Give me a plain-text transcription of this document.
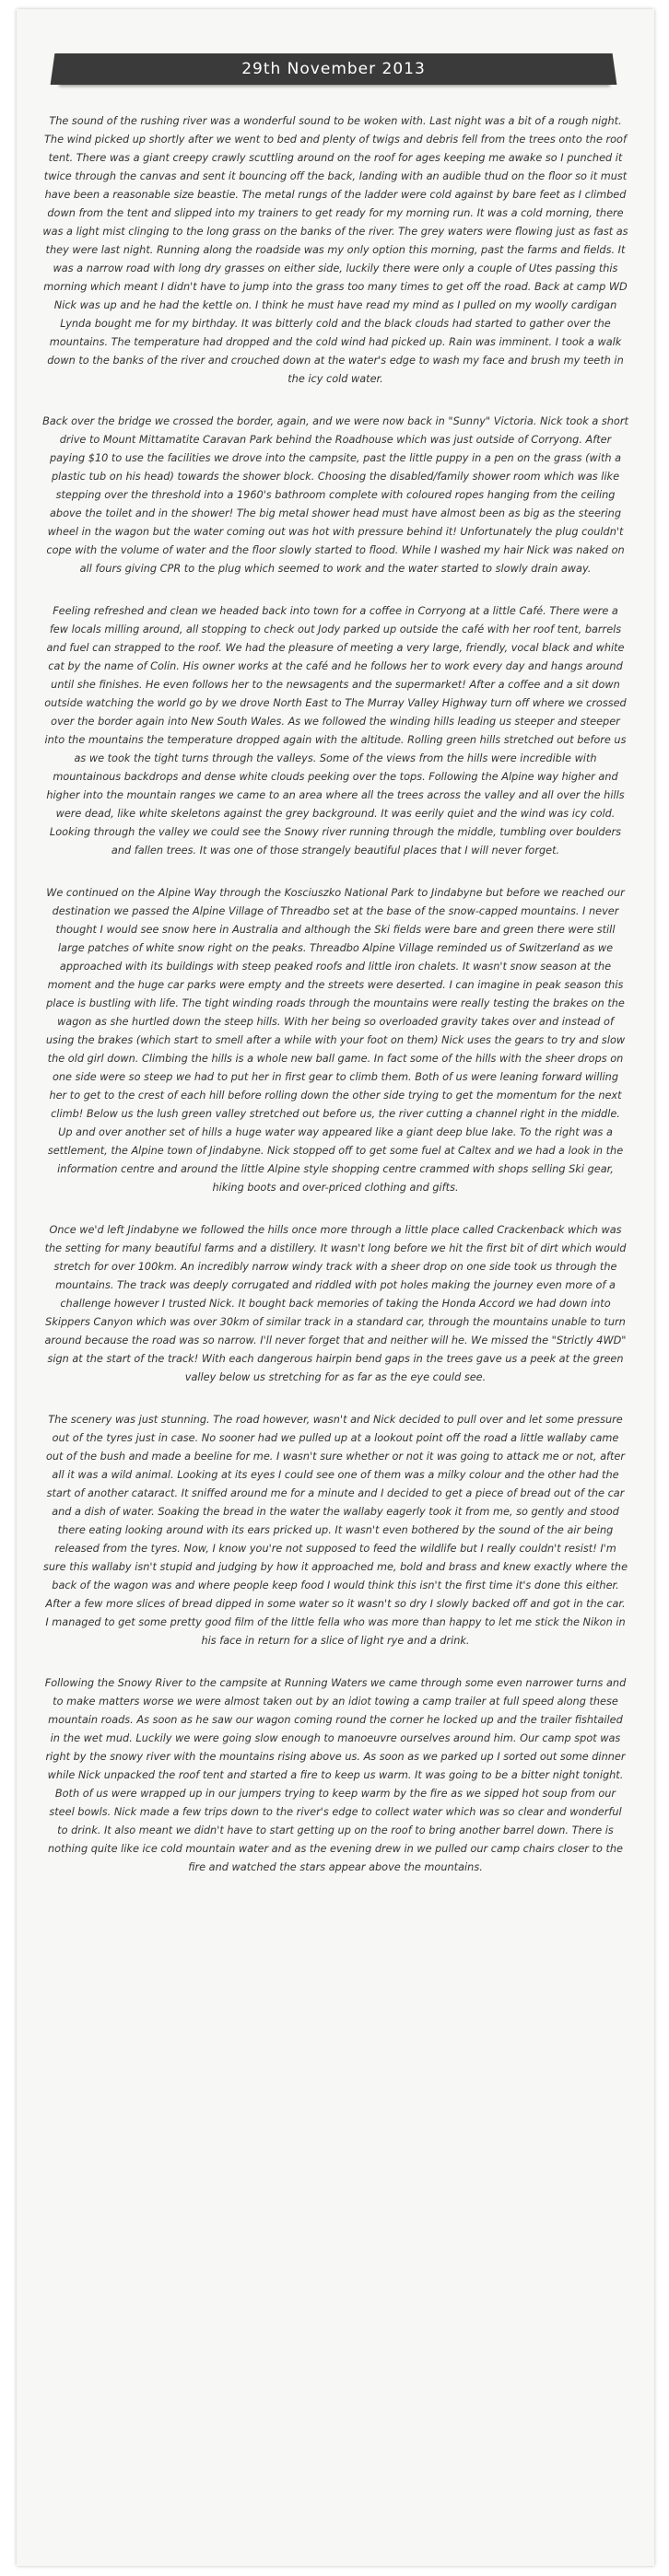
29th November 2013

The sound of the rushing river was a wonderful sound to be woken with. Last night was a bit of a rough night. The wind picked up shortly after we went to bed and plenty of twigs and debris fell from the trees onto the roof tent. There was a giant creepy crawly scuttling around on the roof for ages keeping me awake so I punched it twice through the canvas and sent it bouncing off the back, landing with an audible thud on the floor so it must have been a reasonable size beastie. The metal rungs of the ladder were cold against by bare feet as I climbed down from the tent and slipped into my trainers to get ready for my morning run. It was a cold morning, there was a light mist clinging to the long grass on the banks of the river. The grey waters were flowing just as fast as they were last night. Running along the roadside was my only option this morning, past the farms and fields. It was a narrow road with long dry grasses on either side, luckily there were only a couple of Utes passing this morning which meant I didn't have to jump into the grass too many times to get off the road. Back at camp WD Nick was up and he had the kettle on. I think he must have read my mind as I pulled on my woolly cardigan Lynda bought me for my birthday. It was bitterly cold and the black clouds had started to gather over the mountains. The temperature had dropped and the cold wind had picked up. Rain was imminent. I took a walk down to the banks of the river and crouched down at the water's edge to wash my face and brush my teeth in the icy cold water.

Back over the bridge we crossed the border, again, and we were now back in "Sunny" Victoria. Nick took a short drive to Mount Mittamatite Caravan Park behind the Roadhouse which was just outside of Corryong. After paying $10 to use the facilities we drove into the campsite, past the little puppy in a pen on the grass (with a plastic tub on his head) towards the shower block. Choosing the disabled/family shower room which was like stepping over the threshold into a 1960's bathroom complete with coloured ropes hanging from the ceiling above the toilet and in the shower! The big metal shower head must have almost been as big as the steering wheel in the wagon but the water coming out was hot with pressure behind it! Unfortunately the plug couldn't cope with the volume of water and the floor slowly started to flood. While I washed my hair Nick was naked on all fours giving CPR to the plug which seemed to work and the water started to slowly drain away.

Feeling refreshed and clean we headed back into town for a coffee in Corryong at a little Café. There were a few locals milling around, all stopping to check out Jody parked up outside the café with her roof tent, barrels and fuel can strapped to the roof. We had the pleasure of meeting a very large, friendly, vocal black and white cat by the name of Colin. His owner works at the café and he follows her to work every day and hangs around until she finishes. He even follows her to the newsagents and the supermarket! After a coffee and a sit down outside watching the world go by we drove North East to The Murray Valley Highway turn off where we crossed over the border again into New South Wales. As we followed the winding hills leading us steeper and steeper into the mountains the temperature dropped again with the altitude. Rolling green hills stretched out before us as we took the tight turns through the valleys. Some of the views from the hills were incredible with mountainous backdrops and dense white clouds peeking over the tops. Following the Alpine way higher and higher into the mountain ranges we came to an area where all the trees across the valley and all over the hills were dead, like white skeletons against the grey background. It was eerily quiet and the wind was icy cold. Looking through the valley we could see the Snowy river running through the middle, tumbling over boulders and fallen trees. It was one of those strangely beautiful places that I will never forget.

We continued on the Alpine Way through the Kosciuszko National Park to Jindabyne but before we reached our destination we passed the Alpine Village of Threadbo set at the base of the snow-capped mountains. I never thought I would see snow here in Australia and although the Ski fields were bare and green there were still large patches of white snow right on the peaks. Threadbo Alpine Village reminded us of Switzerland as we approached with its buildings with steep peaked roofs and little iron chalets. It wasn't snow season at the moment and the huge car parks were empty and the streets were deserted. I can imagine in peak season this place is bustling with life. The tight winding roads through the mountains were really testing the brakes on the wagon as she hurtled down the steep hills. With her being so overloaded gravity takes over and instead of using the brakes (which start to smell after a while with your foot on them) Nick uses the gears to try and slow the old girl down. Climbing the hills is a whole new ball game. In fact some of the hills with the sheer drops on one side were so steep we had to put her in first gear to climb them. Both of us were leaning forward willing her to get to the crest of each hill before rolling down the other side trying to get the momentum for the next climb! Below us the lush green valley stretched out before us, the river cutting a channel right in the middle. Up and over another set of hills a huge water way appeared like a giant deep blue lake. To the right was a settlement, the Alpine town of Jindabyne. Nick stopped off to get some fuel at Caltex and we had a look in the information centre and around the little Alpine style shopping centre crammed with shops selling Ski gear, hiking boots and over-priced clothing and gifts.

Once we'd left Jindabyne we followed the hills once more through a little place called Crackenback which was the setting for many beautiful farms and a distillery. It wasn't long before we hit the first bit of dirt which would stretch for over 100km. An incredibly narrow windy track with a sheer drop on one side took us through the mountains. The track was deeply corrugated and riddled with pot holes making the journey even more of a challenge however I trusted Nick. It bought back memories of taking the Honda Accord we had down into Skippers Canyon which was over 30km of similar track in a standard car, through the mountains unable to turn around because the road was so narrow. I'll never forget that and neither will he. We missed the "Strictly 4WD" sign at the start of the track! With each dangerous hairpin bend gaps in the trees gave us a peek at the green valley below us stretching for as far as the eye could see.

The scenery was just stunning. The road however, wasn't and Nick decided to pull over and let some pressure out of the tyres just in case. No sooner had we pulled up at a lookout point off the road a little wallaby came out of the bush and made a beeline for me. I wasn't sure whether or not it was going to attack me or not, after all it was a wild animal. Looking at its eyes I could see one of them was a milky colour and the other had the start of another cataract. It sniffed around me for a minute and I decided to get a piece of bread out of the car and a dish of water. Soaking the bread in the water the wallaby eagerly took it from me, so gently and stood there eating looking around with its ears pricked up. It wasn't even bothered by the sound of the air being released from the tyres. Now, I know you're not supposed to feed the wildlife but I really couldn't resist! I'm sure this wallaby isn't stupid and judging by how it approached me, bold and brass and knew exactly where the back of the wagon was and where people keep food I would think this isn't the first time it's done this either. After a few more slices of bread dipped in some water so it wasn't so dry I slowly backed off and got in the car. I managed to get some pretty good film of the little fella who was more than happy to let me stick the Nikon in his face in return for a slice of light rye and a drink.

Following the Snowy River to the campsite at Running Waters we came through some even narrower turns and to make matters worse we were almost taken out by an idiot towing a camp trailer at full speed along these mountain roads. As soon as he saw our wagon coming round the corner he locked up and the trailer fishtailed in the wet mud. Luckily we were going slow enough to manoeuvre ourselves around him. Our camp spot was right by the snowy river with the mountains rising above us. As soon as we parked up I sorted out some dinner while Nick unpacked the roof tent and started a fire to keep us warm. It was going to be a bitter night tonight. Both of us were wrapped up in our jumpers trying to keep warm by the fire as we sipped hot soup from our steel bowls. Nick made a few trips down to the river's edge to collect water which was so clear and wonderful to drink. It also meant we didn't have to start getting up on the roof to bring another barrel down. There is nothing quite like ice cold mountain water and as the evening drew in we pulled our camp chairs closer to the fire and watched the stars appear above the mountains.
